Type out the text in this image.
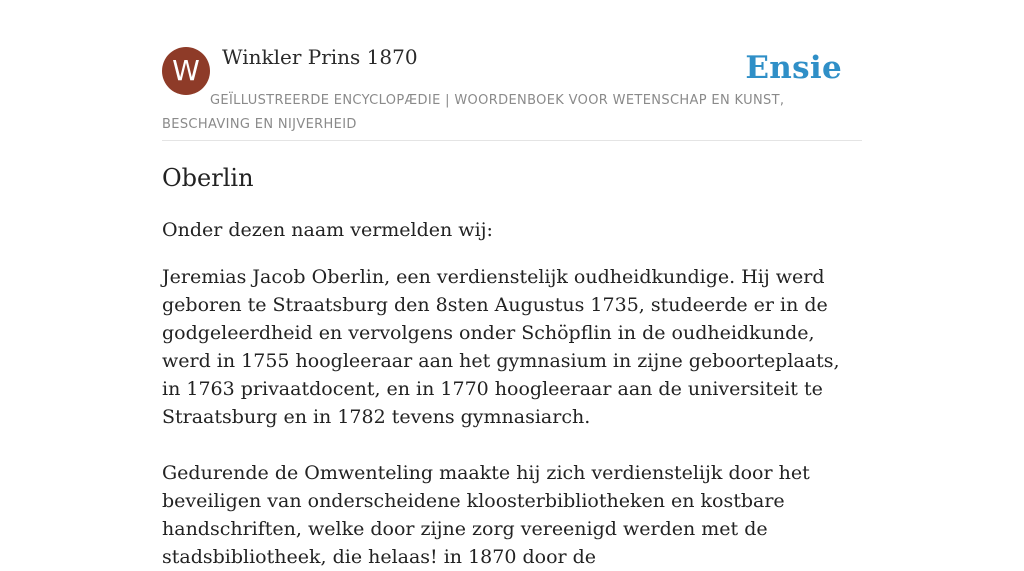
W	Winkler Prins 1870	Ensie
GEÏLLUSTREERDE ENCYCLOPÆDIE | WOORDENBOEK VOOR WETENSCHAP EN KUNST, BESCHAVING EN NIJVERHEID
Oberlin

Onder dezen naam vermelden wij:

Jeremias Jacob Oberlin, een verdienstelijk oudheidkundige. Hij werd geboren te Straatsburg den 8sten Augustus 1735, studeerde er in de godgeleerdheid en vervolgens onder Schöpflin in de oudheidkunde, werd in 1755 hoogleeraar aan het gymnasium in zijne geboorteplaats, in 1763 privaatdocent, en in 1770 hoogleeraar aan de universiteit te Straatsburg en in 1782 tevens gymnasiarch.

Gedurende de Omwenteling maakte hij zich verdienstelijk door het beveiligen van onderscheidene kloosterbibliotheken en kostbare handschriften, welke door zijne zorg vereenigd werden met de stadsbibliotheek, die helaas! in 1870 door de
